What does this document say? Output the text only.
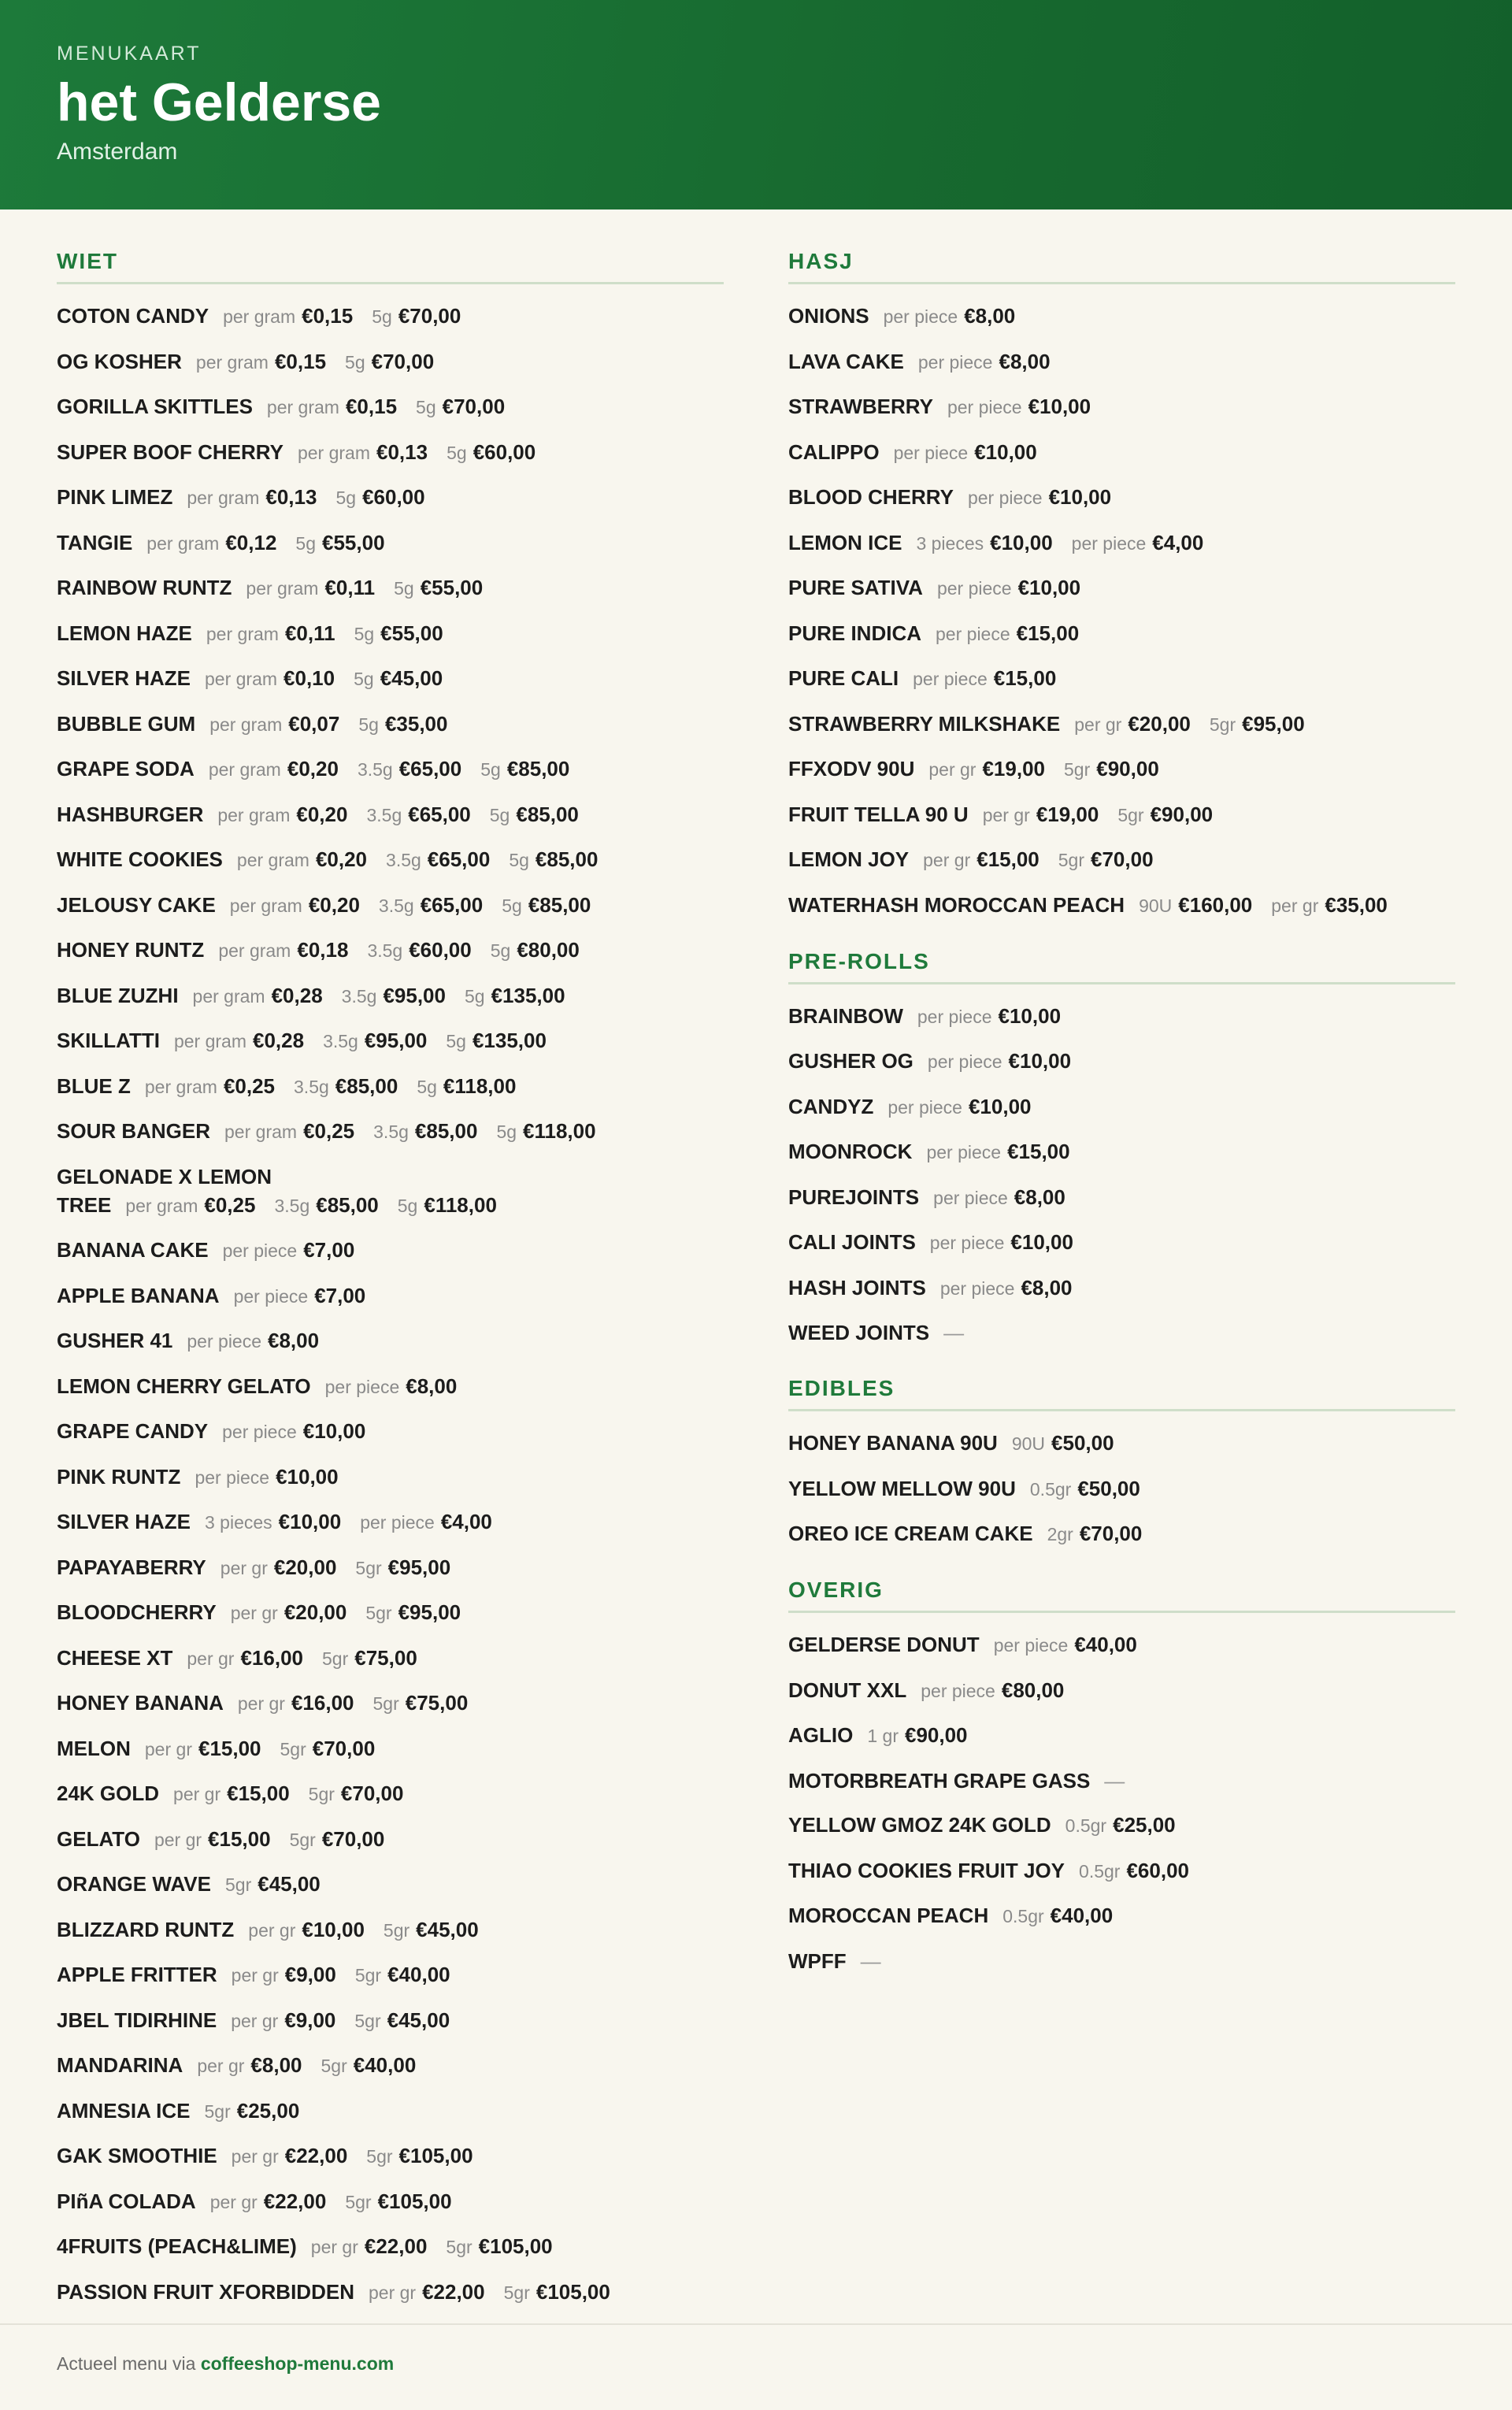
MENUKAART
het Gelderse
Amsterdam
WIET
COTON CANDY per gram €0,15 5g €70,00
OG KOSHER per gram €0,15 5g €70,00
GORILLA SKITTLES per gram €0,15 5g €70,00
SUPER BOOF CHERRY per gram €0,13 5g €60,00
PINK LIMEZ per gram €0,13 5g €60,00
TANGIE per gram €0,12 5g €55,00
RAINBOW RUNTZ per gram €0,11 5g €55,00
LEMON HAZE per gram €0,11 5g €55,00
SILVER HAZE per gram €0,10 5g €45,00
BUBBLE GUM per gram €0,07 5g €35,00
GRAPE SODA per gram €0,20 3.5g €65,00 5g €85,00
HASHBURGER per gram €0,20 3.5g €65,00 5g €85,00
WHITE COOKIES per gram €0,20 3.5g €65,00 5g €85,00
JELOUSY CAKE per gram €0,20 3.5g €65,00 5g €85,00
HONEY RUNTZ per gram €0,18 3.5g €60,00 5g €80,00
BLUE ZUZHI per gram €0,28 3.5g €95,00 5g €135,00
SKILLATTI per gram €0,28 3.5g €95,00 5g €135,00
BLUE Z per gram €0,25 3.5g €85,00 5g €118,00
SOUR BANGER per gram €0,25 3.5g €85,00 5g €118,00
GELONADE X LEMON TREE per gram €0,25 3.5g €85,00 5g €118,00
BANANA CAKE per piece €7,00
APPLE BANANA per piece €7,00
GUSHER 41 per piece €8,00
LEMON CHERRY GELATO per piece €8,00
GRAPE CANDY per piece €10,00
PINK RUNTZ per piece €10,00
SILVER HAZE 3 pieces €10,00 per piece €4,00
PAPAYABERRY per gr €20,00 5gr €95,00
BLOODCHERRY per gr €20,00 5gr €95,00
CHEESE XT per gr €16,00 5gr €75,00
HONEY BANANA per gr €16,00 5gr €75,00
MELON per gr €15,00 5gr €70,00
24K GOLD per gr €15,00 5gr €70,00
GELATO per gr €15,00 5gr €70,00
ORANGE WAVE 5gr €45,00
BLIZZARD RUNTZ per gr €10,00 5gr €45,00
APPLE FRITTER per gr €9,00 5gr €40,00
JBEL TIDIRHINE per gr €9,00 5gr €45,00
MANDARINA per gr €8,00 5gr €40,00
AMNESIA ICE 5gr €25,00
GAK SMOOTHIE per gr €22,00 5gr €105,00
PIñA COLADA per gr €22,00 5gr €105,00
4FRUITS (PEACH&LIME) per gr €22,00 5gr €105,00
PASSION FRUIT XFORBIDDEN per gr €22,00 5gr €105,00
HASJ
ONIONS per piece €8,00
LAVA CAKE per piece €8,00
STRAWBERRY per piece €10,00
CALIPPO per piece €10,00
BLOOD CHERRY per piece €10,00
LEMON ICE 3 pieces €10,00 per piece €4,00
PURE SATIVA per piece €10,00
PURE INDICA per piece €15,00
PURE CALI per piece €15,00
STRAWBERRY MILKSHAKE per gr €20,00 5gr €95,00
FFXODV 90U per gr €19,00 5gr €90,00
FRUIT TELLA 90 U per gr €19,00 5gr €90,00
LEMON JOY per gr €15,00 5gr €70,00
WATERHASH MOROCCAN PEACH 90U €160,00 per gr €35,00
PRE-ROLLS
BRAINBOW per piece €10,00
GUSHER OG per piece €10,00
CANDYZ per piece €10,00
MOONROCK per piece €15,00
PUREJOINTS per piece €8,00
CALI JOINTS per piece €10,00
HASH JOINTS per piece €8,00
WEED JOINTS —
EDIBLES
HONEY BANANA 90U 90U €50,00
YELLOW MELLOW 90U 0.5gr €50,00
OREO ICE CREAM CAKE 2gr €70,00
OVERIG
GELDERSE DONUT per piece €40,00
DONUT XXL per piece €80,00
AGLIO 1 gr €90,00
MOTORBREATH GRAPE GASS —
YELLOW GMOZ 24K GOLD 0.5gr €25,00
THIAO COOKIES FRUIT JOY 0.5gr €60,00
MOROCCAN PEACH 0.5gr €40,00
WPFF —
Actueel menu via coffeeshop-menu.com
